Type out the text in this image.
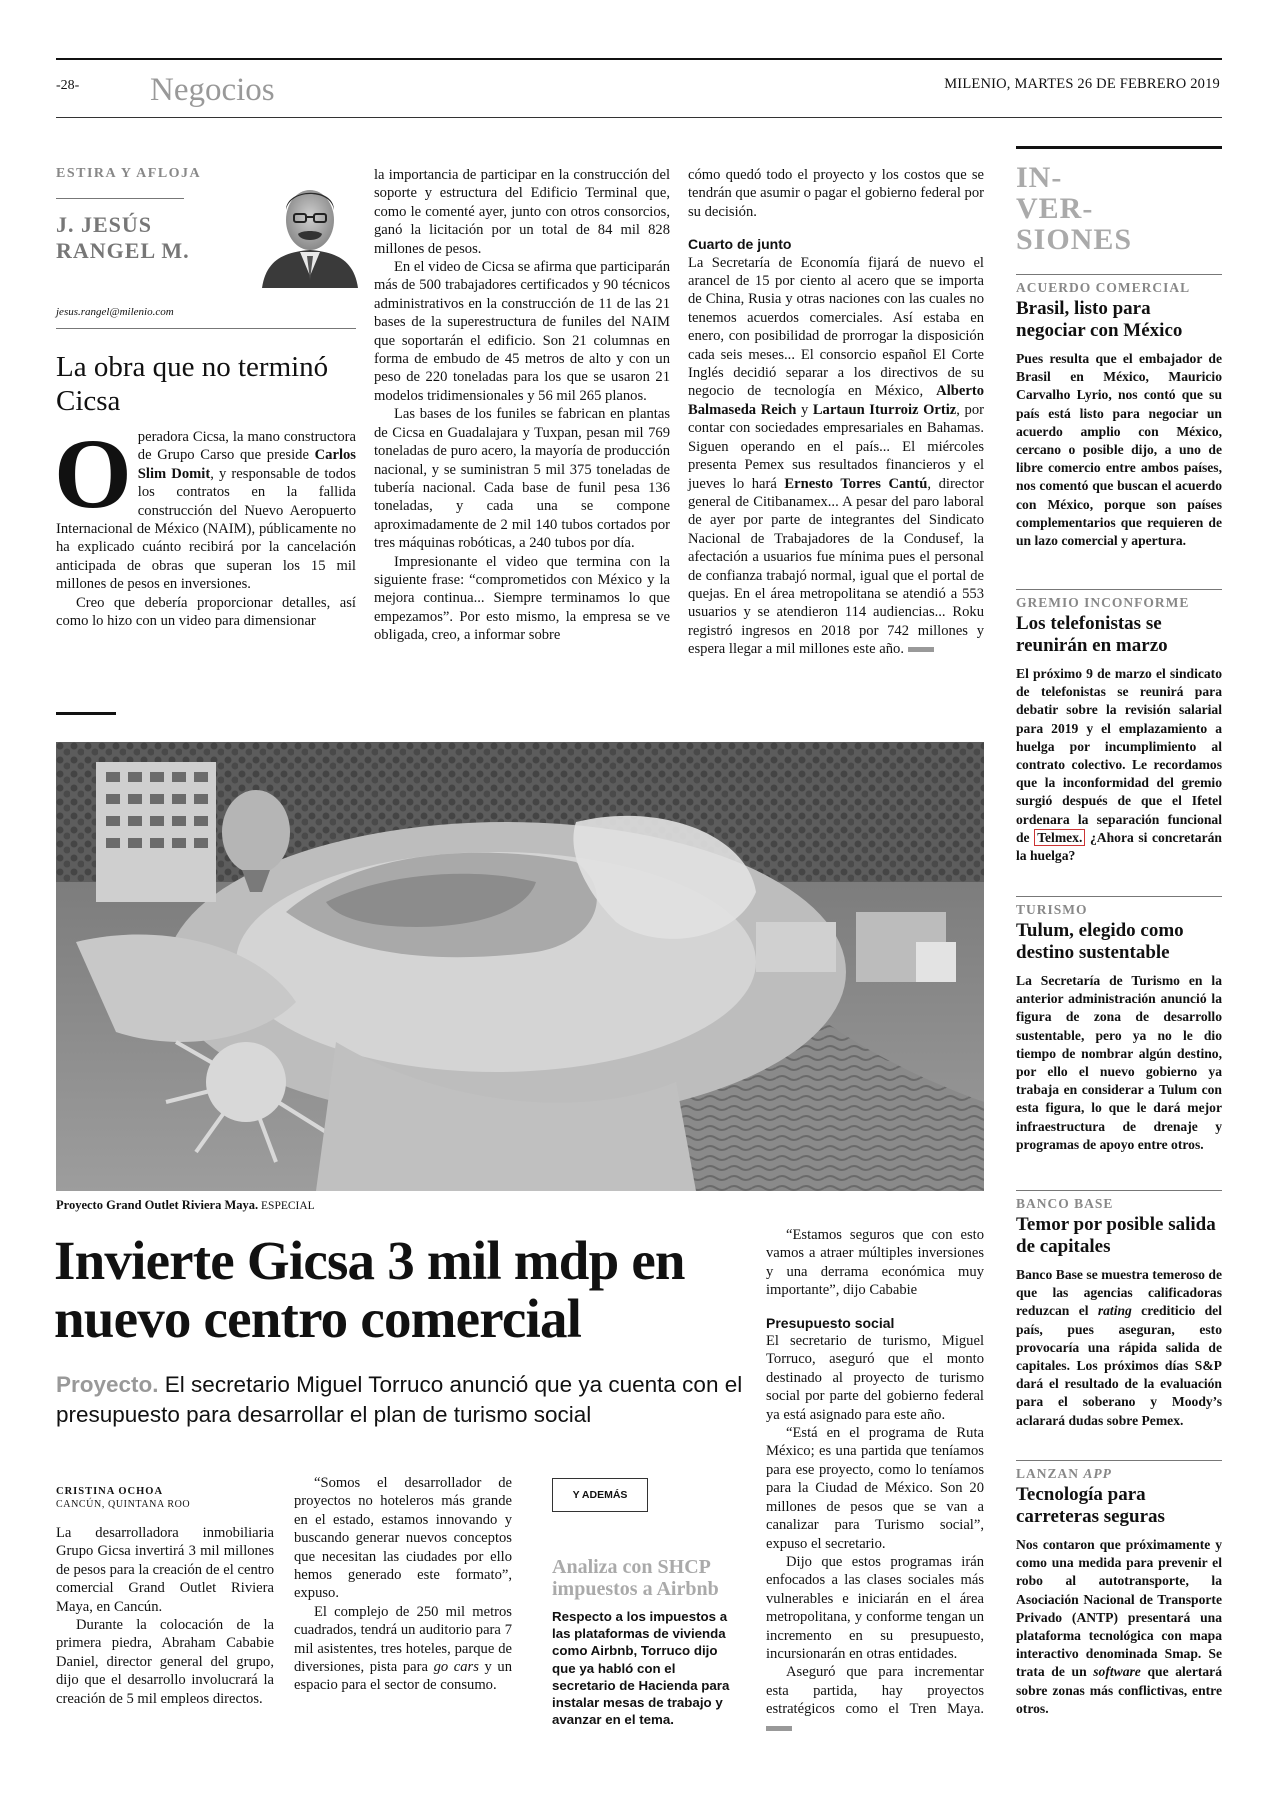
-28- Negocios	MILENIO, MARTES 26 DE FEBRERO 2019
ESTIRA Y AFLOJA
J. JESÚS
RANGEL M.
jesus.rangel@milenio.com
La obra que no terminó Cicsa

Operadora Cicsa, la mano constructora de Grupo Carso que preside Carlos Slim Domit, y responsable de todos los contratos en la fallida construcción del Nuevo Aeropuerto Internacional de México (NAIM), públicamente no ha explicado cuánto recibirá por la cancelación anticipada de obras que superan los 15 mil millones de pesos en inversiones.

Creo que debería proporcionar detalles, así como lo hizo con un video para dimensionar

la importancia de participar en la construcción del soporte y estructura del Edificio Terminal que, como le comenté ayer, junto con otros consorcios, ganó la licitación por un total de 84 mil 828 millones de pesos.

En el video de Cicsa se afirma que participarán más de 500 trabajadores certificados y 90 técnicos administrativos en la construcción de 11 de las 21 bases de la superestructura de funiles del NAIM que soportarán el edificio. Son 21 columnas en forma de embudo de 45 metros de alto y con un peso de 220 toneladas para los que se usaron 21 modelos tridimensionales y 56 mil 265 planos.

Las bases de los funiles se fabrican en plantas de Cicsa en Guadalajara y Tuxpan, pesan mil 769 toneladas de puro acero, la mayoría de producción nacional, y se suministran 5 mil 375 toneladas de tubería nacional. Cada base de funil pesa 136 toneladas, y cada una se compone aproximadamente de 2 mil 140 tubos cortados por tres máquinas robóticas, a 240 tubos por día.

Impresionante el video que termina con la siguiente frase: “comprometidos con México y la mejora continua... Siempre terminamos lo que empezamos”. Por esto mismo, la empresa se ve obligada, creo, a informar sobre

cómo quedó todo el proyecto y los costos que se tendrán que asumir o pagar el gobierno federal por su decisión.

Cuarto de junto

La Secretaría de Economía fijará de nuevo el arancel de 15 por ciento al acero que se importa de China, Rusia y otras naciones con las cuales no tenemos acuerdos comerciales. Así estaba en enero, con posibilidad de prorrogar la disposición cada seis meses... El consorcio español El Corte Inglés decidió separar a los directivos de su negocio de tecnología en México, Alberto Balmaseda Reich y Lartaun Iturroiz Ortiz, por contar con sociedades empresariales en Bahamas. Siguen operando en el país... El miércoles presenta Pemex sus resultados financieros y el jueves lo hará Ernesto Torres Cantú, director general de Citibanamex... A pesar del paro laboral de ayer por parte de integrantes del Sindicato Nacional de Trabajadores de la Condusef, la afectación a usuarios fue mínima pues el personal de confianza trabajó normal, igual que el portal de quejas. En el área metropolitana se atendió a 553 usuarios y se atendieron 114 audiencias... Roku registró ingresos en 2018 por 742 millones y espera llegar a mil millones este año.

Proyecto Grand Outlet Riviera Maya. ESPECIAL
Invierte Gicsa 3 mil mdp en nuevo centro comercial
Proyecto. El secretario Miguel Torruco anunció que ya cuenta con el presupuesto para desarrollar el plan de turismo social
CRISTINA OCHOA
CANCÚN, QUINTANA ROO

La desarrolladora inmobiliaria Grupo Gicsa invertirá 3 mil millones de pesos para la creación de el centro comercial Grand Outlet Riviera Maya, en Cancún.

Durante la colocación de la primera piedra, Abraham Cababie Daniel, director general del grupo, dijo que el desarrollo involucrará la creación de 5 mil empleos directos.

“Somos el desarrollador de proyectos no hoteleros más grande en el estado, estamos innovando y buscando generar nuevos conceptos que necesitan las ciudades por ello hemos generado este formato”, expuso.

El complejo de 250 mil metros cuadrados, tendrá un auditorio para 7 mil asistentes, tres hoteles, parque de diversiones, pista para go cars y un espacio para el sector de consumo.

Y ADEMÁS
Analiza con SHCP impuestos a Airbnb
Respecto a los impuestos a las plataformas de vivienda como Airbnb, Torruco dijo que ya habló con el secretario de Hacienda para instalar mesas de trabajo y avanzar en el tema.

“Estamos seguros que con esto vamos a atraer múltiples inversiones y una derrama económica muy importante”, dijo Cababie

Presupuesto social

El secretario de turismo, Miguel Torruco, aseguró que el monto destinado al proyecto de turismo social por parte del gobierno federal ya está asignado para este año.

“Está en el programa de Ruta México; es una partida que teníamos para ese proyecto, como lo teníamos para la Ciudad de México. Son 20 millones de pesos que se van a canalizar para Turismo social”, expuso el secretario.

Dijo que estos programas irán enfocados a las clases sociales más vulnerables e iniciarán en el área metropolitana, y conforme tengan un incremento en su presupuesto, incursionarán en otras entidades.

Aseguró que para incrementar esta partida, hay proyectos estratégicos como el Tren Maya.

IN-
VER-
SIONES
ACUERDO COMERCIAL
Brasil, listo para negociar con México
Pues resulta que el embajador de Brasil en México, Mauricio Carvalho Lyrio, nos contó que su país está listo para negociar un acuerdo amplio con México, cercano o posible dijo, a uno de libre comercio entre ambos países, nos comentó que buscan el acuerdo con México, porque son países complementarios que requieren de un lazo comercial y apertura.
GREMIO INCONFORME
Los telefonistas se reunirán en marzo
El próximo 9 de marzo el sindicato de telefonistas se reunirá para debatir sobre la revisión salarial para 2019 y el emplazamiento a huelga por incumplimiento al contrato colectivo. Le recordamos que la inconformidad del gremio surgió después de que el Ifetel ordenara la separación funcional de Telmex. ¿Ahora si concretarán la huelga?
TURISMO
Tulum, elegido como destino sustentable
La Secretaría de Turismo en la anterior administración anunció la figura de zona de desarrollo sustentable, pero ya no le dio tiempo de nombrar algún destino, por ello el nuevo gobierno ya trabaja en considerar a Tulum con esta figura, lo que le dará mejor infraestructura de drenaje y programas de apoyo entre otros.
BANCO BASE
Temor por posible salida de capitales
Banco Base se muestra temeroso de que las agencias calificadoras reduzcan el rating crediticio del país, pues aseguran, esto provocaría una rápida salida de capitales. Los próximos días S&P dará el resultado de la evaluación para el soberano y Moody’s aclarará dudas sobre Pemex.
LANZAN APP
Tecnología para carreteras seguras
Nos contaron que próximamente y como una medida para prevenir el robo al autotransporte, la Asociación Nacional de Transporte Privado (ANTP) presentará una plataforma tecnológica con mapa interactivo denominada Smap. Se trata de un software que alertará sobre zonas más conflictivas, entre otros.
